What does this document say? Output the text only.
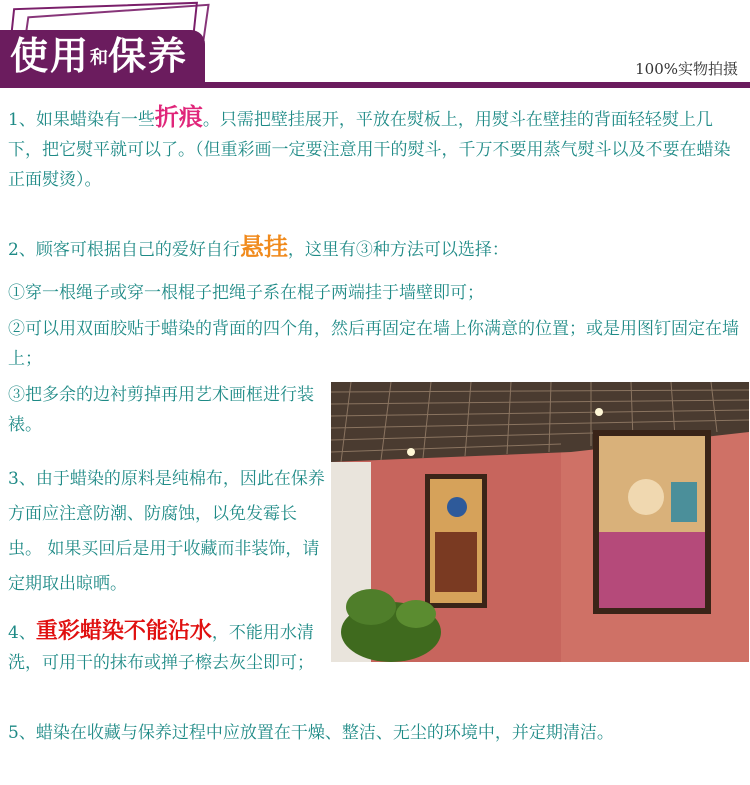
使用和保养	100%实物拍摄
1、如果蜡染有一些折痕。只需把壁挂展开，平放在熨板上，用熨斗在壁挂的背面轻轻熨上几下，把它熨平就可以了。（但重彩画一定要注意用干的熨斗，千万不要用蒸气熨斗以及不要在蜡染正面熨烫）。
2、顾客可根据自己的爱好自行悬挂，这里有③种方法可以选择：
①穿一根绳子或穿一根棍子把绳子系在棍子两端挂于墙壁即可；
②可以用双面胶贴于蜡染的背面的四个角，然后再固定在墙上你满意的位置；或是用图钉固定在墙上；
③把多余的边衬剪掉再用艺术画框进行装裱。
3、由于蜡染的原料是纯棉布，因此在保养方面应注意防潮、防腐蚀，以免发霉长虫。 如果买回后是用于收藏而非装饰，请定期取出晾晒。
4、重彩蜡染不能沾水，不能用水清洗，可用干的抹布或掸子檫去灰尘即可；
5、蜡染在收藏与保养过程中应放置在干燥、整洁、无尘的环境中，并定期清洁。
